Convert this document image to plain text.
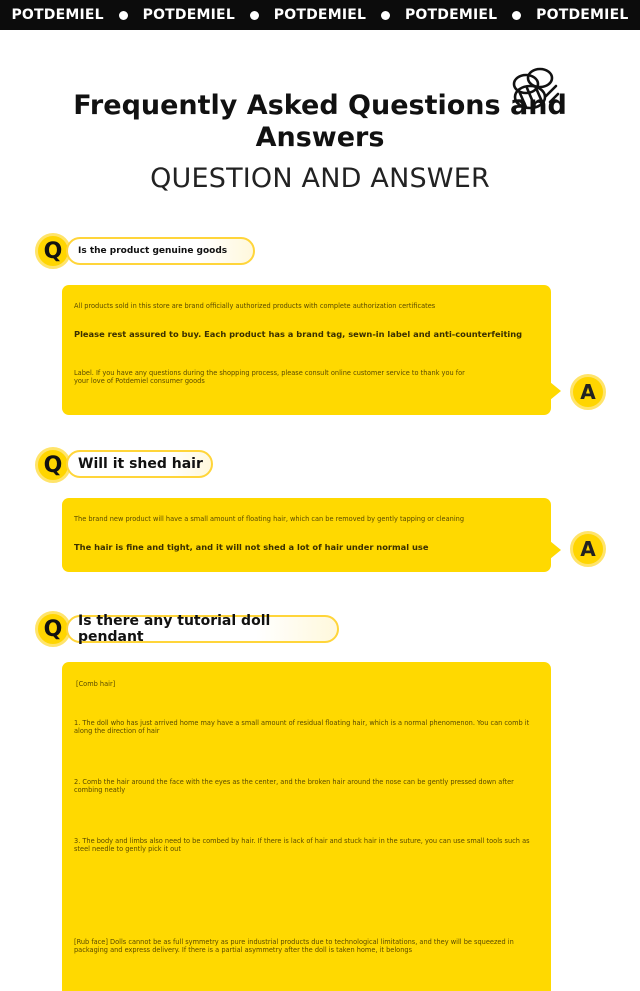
POTDEMIEL	POTDEMIEL	POTDEMIEL	POTDEMIEL	POTDEMIEL
Frequently Asked Questions and Answers
QUESTION AND ANSWER
Q	Is the product genuine goods
All products sold in this store are brand officially authorized products with complete authorization certificates
Please rest assured to buy. Each product has a brand tag, sewn-in label and anti-counterfeiting
Label. If you have any questions during the shopping process, please consult online customer service to thank you for
your love of Potdemiel consumer goods	A
Q	Will it shed hair
The brand new product will have a small amount of floating hair, which can be removed by gently tapping or cleaning
The hair is fine and tight, and it will not shed a lot of hair under normal use	A
Q	Is there any tutorial doll pendant
[Comb hair]
1. The doll who has just arrived home may have a small amount of residual floating hair, which is a normal phenomenon. You can comb it
along the direction of hair
2. Comb the hair around the face with the eyes as the center, and the broken hair around the nose can be gently pressed down after
combing neatly
3. The body and limbs also need to be combed by hair. If there is lack of hair and stuck hair in the suture, you can use small tools such as
steel needle to gently pick it out
[Rub face] Dolls cannot be as full symmetry as pure industrial products due to technological limitations, and they will be squeezed in
packaging and express delivery. If there is a partial asymmetry after the doll is taken home, it belongs
